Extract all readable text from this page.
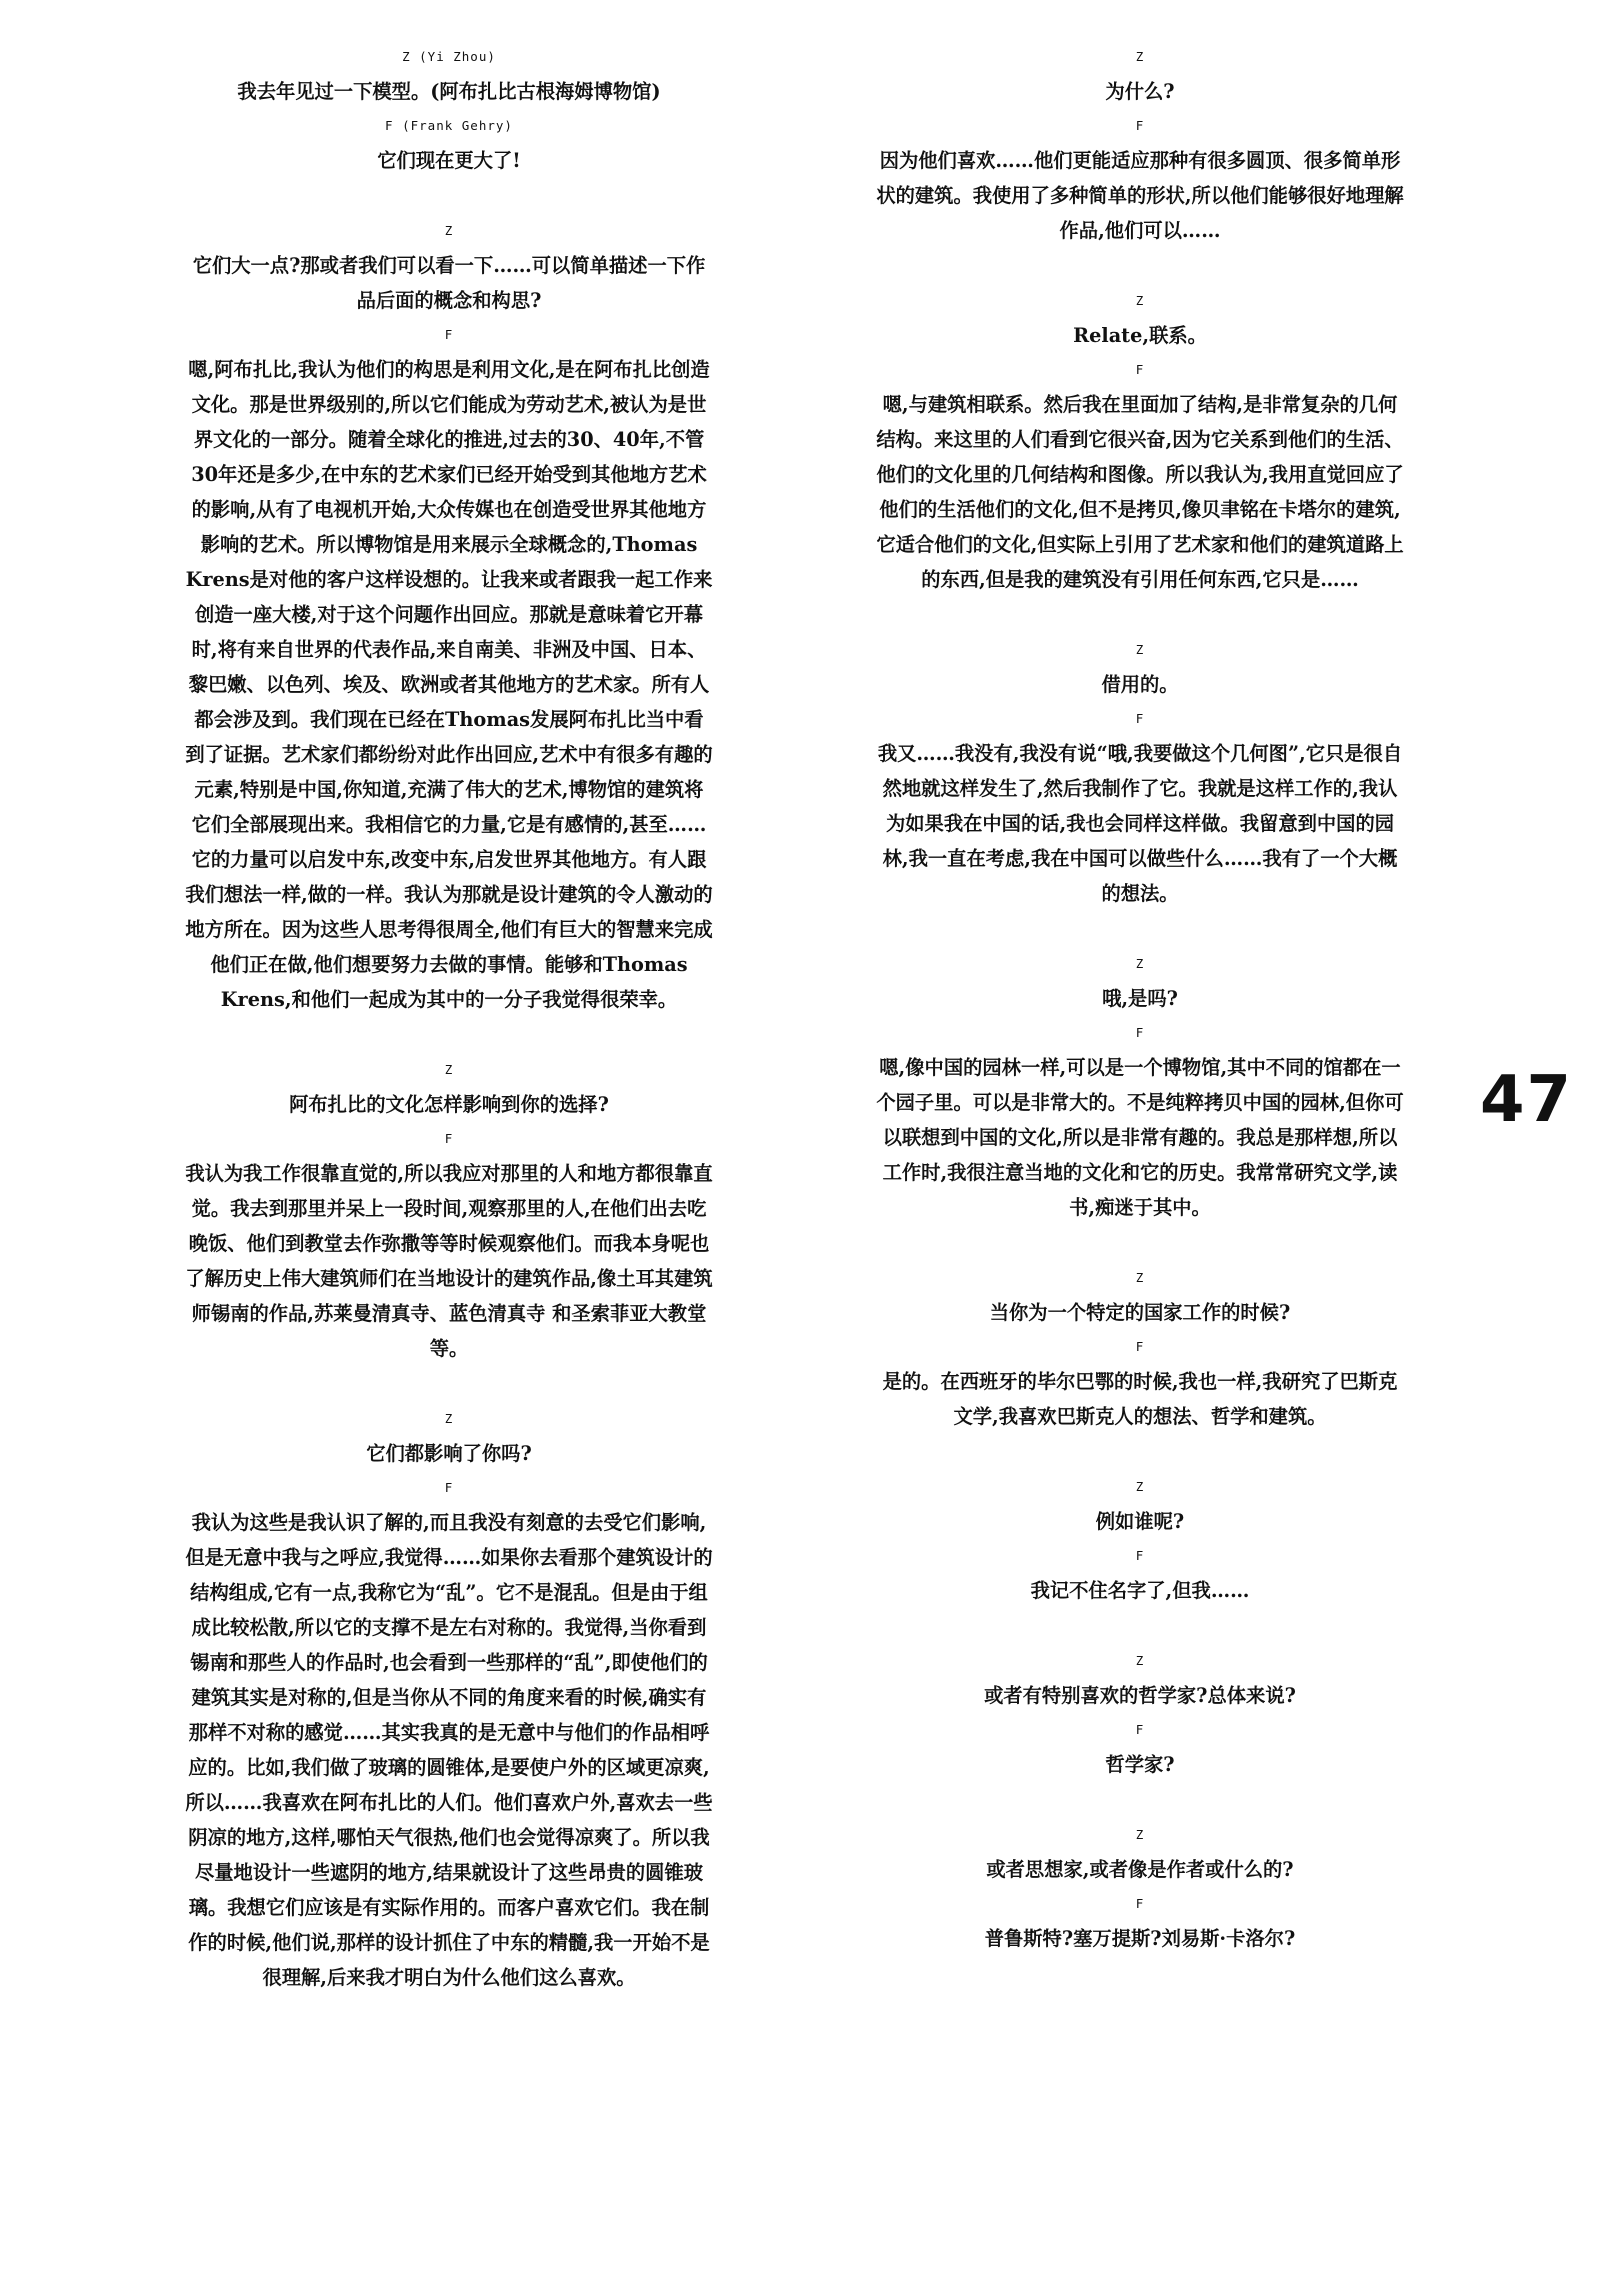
Z (Yi Zhou)

我去年见过一下模型。(阿布扎比古根海姆博物馆)

F (Frank Gehry)

它们现在更大了!

Z

它们大一点?那或者我们可以看一下……可以简单描述一下作品后面的概念和构思?

F

嗯,阿布扎比,我认为他们的构思是利用文化,是在阿布扎比创造文化。那是世界级别的,所以它们能成为劳动艺术,被认为是世界文化的一部分。随着全球化的推进,过去的30、40年,不管30年还是多少,在中东的艺术家们已经开始受到其他地方艺术的影响,从有了电视机开始,大众传媒也在创造受世界其他地方影响的艺术。所以博物馆是用来展示全球概念的,Thomas Krens是对他的客户这样设想的。让我来或者跟我一起工作来创造一座大楼,对于这个问题作出回应。那就是意味着它开幕时,将有来自世界的代表作品,来自南美、非洲及中国、日本、黎巴嫩、以色列、埃及、欧洲或者其他地方的艺术家。所有人都会涉及到。我们现在已经在Thomas发展阿布扎比当中看到了证据。艺术家们都纷纷对此作出回应,艺术中有很多有趣的元素,特别是中国,你知道,充满了伟大的艺术,博物馆的建筑将它们全部展现出来。我相信它的力量,它是有感情的,甚至……它的力量可以启发中东,改变中东,启发世界其他地方。有人跟我们想法一样,做的一样。我认为那就是设计建筑的令人激动的地方所在。因为这些人思考得很周全,他们有巨大的智慧来完成他们正在做,他们想要努力去做的事情。能够和Thomas Krens,和他们一起成为其中的一分子我觉得很荣幸。

Z

阿布扎比的文化怎样影响到你的选择?

F

我认为我工作很靠直觉的,所以我应对那里的人和地方都很靠直觉。我去到那里并呆上一段时间,观察那里的人,在他们出去吃晚饭、他们到教堂去作弥撒等等时候观察他们。而我本身呢也了解历史上伟大建筑师们在当地设计的建筑作品,像土耳其建筑师锡南的作品,苏莱曼清真寺、蓝色清真寺 和圣索菲亚大教堂等。

Z

它们都影响了你吗?

F

我认为这些是我认识了解的,而且我没有刻意的去受它们影响,但是无意中我与之呼应,我觉得……如果你去看那个建筑设计的结构组成,它有一点,我称它为“乱”。它不是混乱。但是由于组成比较松散,所以它的支撑不是左右对称的。我觉得,当你看到锡南和那些人的作品时,也会看到一些那样的“乱”,即使他们的建筑其实是对称的,但是当你从不同的角度来看的时候,确实有那样不对称的感觉……其实我真的是无意中与他们的作品相呼应的。比如,我们做了玻璃的圆锥体,是要使户外的区域更凉爽,所以……我喜欢在阿布扎比的人们。他们喜欢户外,喜欢去一些阴凉的地方,这样,哪怕天气很热,他们也会觉得凉爽了。所以我尽量地设计一些遮阴的地方,结果就设计了这些昂贵的圆锥玻璃。我想它们应该是有实际作用的。而客户喜欢它们。我在制作的时候,他们说,那样的设计抓住了中东的精髓,我一开始不是很理解,后来我才明白为什么他们这么喜欢。

Z

为什么?

F

因为他们喜欢……他们更能适应那种有很多圆顶、很多简单形状的建筑。我使用了多种简单的形状,所以他们能够很好地理解作品,他们可以……

Z

Relate,联系。

F

嗯,与建筑相联系。然后我在里面加了结构,是非常复杂的几何结构。来这里的人们看到它很兴奋,因为它关系到他们的生活、他们的文化里的几何结构和图像。所以我认为,我用直觉回应了他们的生活他们的文化,但不是拷贝,像贝聿铭在卡塔尔的建筑,它适合他们的文化,但实际上引用了艺术家和他们的建筑道路上的东西,但是我的建筑没有引用任何东西,它只是……

Z

借用的。

F

我又……我没有,我没有说“哦,我要做这个几何图”,它只是很自然地就这样发生了,然后我制作了它。我就是这样工作的,我认为如果我在中国的话,我也会同样这样做。我留意到中国的园林,我一直在考虑,我在中国可以做些什么……我有了一个大概的想法。

Z

哦,是吗?

F

嗯,像中国的园林一样,可以是一个博物馆,其中不同的馆都在一个园子里。可以是非常大的。不是纯粹拷贝中国的园林,但你可以联想到中国的文化,所以是非常有趣的。我总是那样想,所以工作时,我很注意当地的文化和它的历史。我常常研究文学,读书,痴迷于其中。

Z

当你为一个特定的国家工作的时候?

F

是的。在西班牙的毕尔巴鄂的时候,我也一样,我研究了巴斯克文学,我喜欢巴斯克人的想法、哲学和建筑。

Z

例如谁呢?

F

我记不住名字了,但我……

Z

或者有特别喜欢的哲学家?总体来说?

F

哲学家?

Z

或者思想家,或者像是作者或什么的?

F

普鲁斯特?塞万提斯?刘易斯·卡洛尔?

47
